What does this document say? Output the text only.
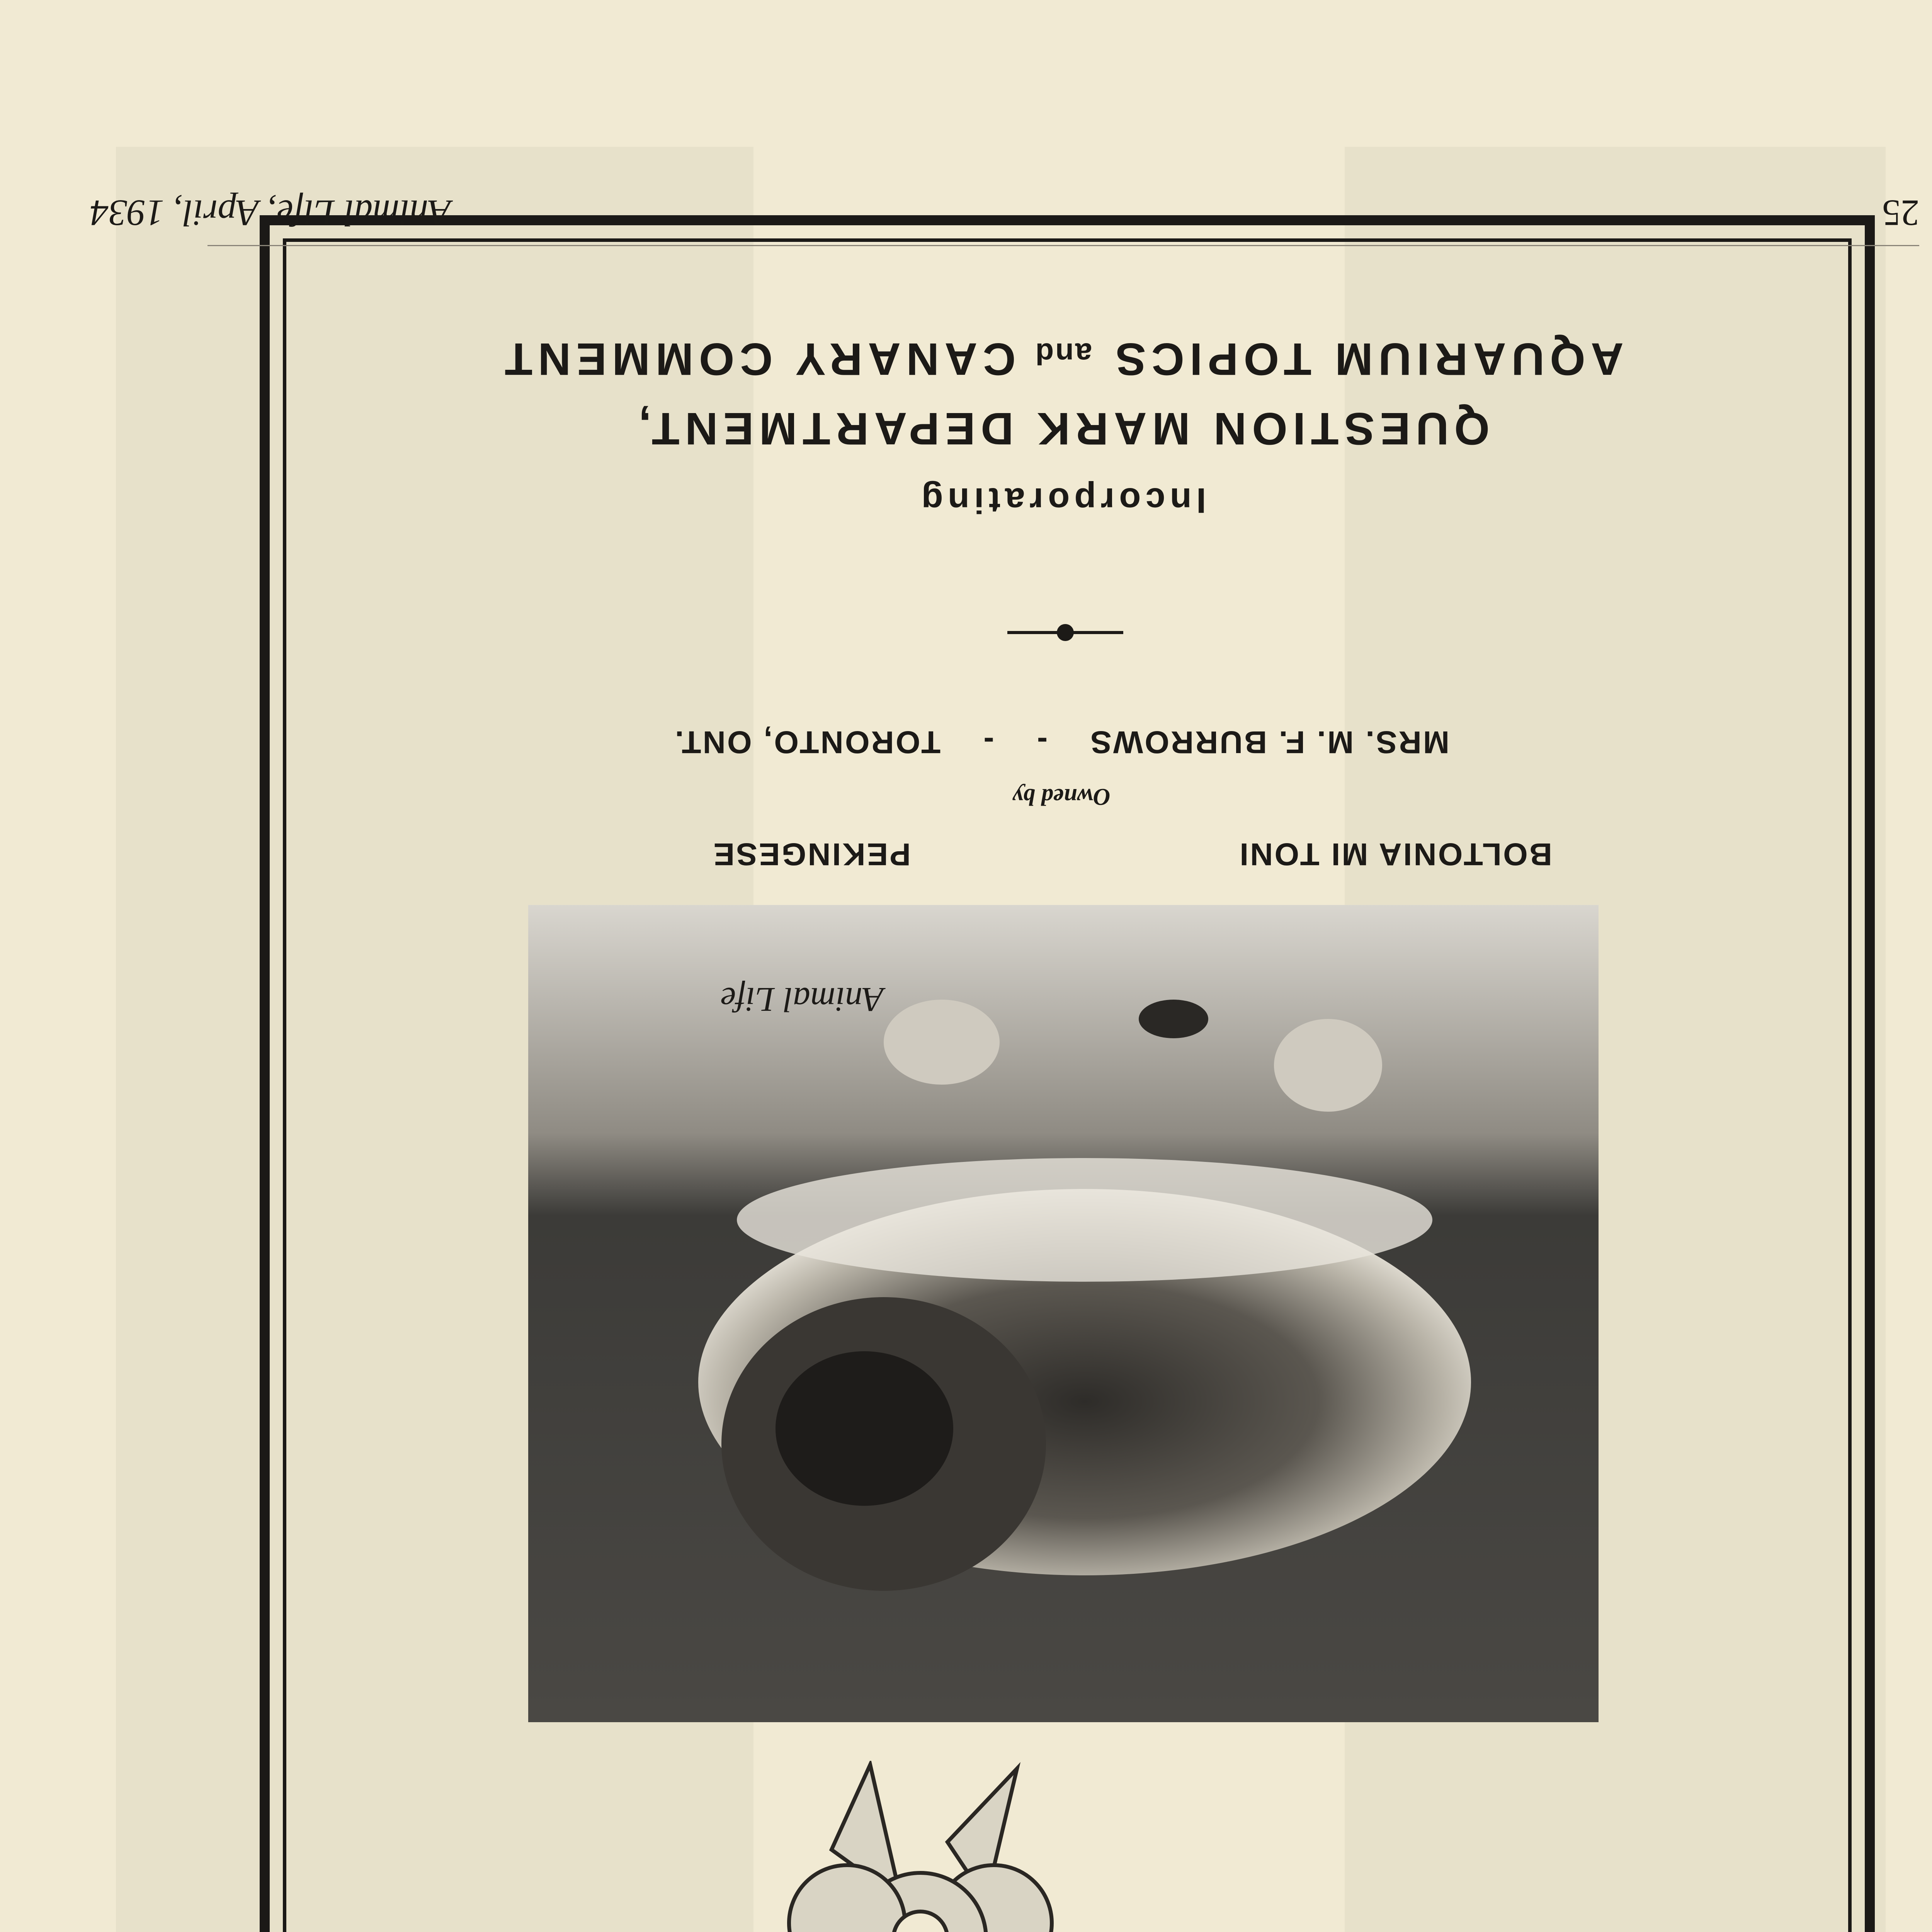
Animal Life
BOLTONIA MI TONI
PEKINGESE
Owned by
MRS. M. F. BURROWS    -    -    TORONTO, ONT.
Incorporating
QUESTION MARK DEPARTMENT,
AQUARIUM TOPICS and CANARY COMMENT
Animal Life, April, 1934	25
